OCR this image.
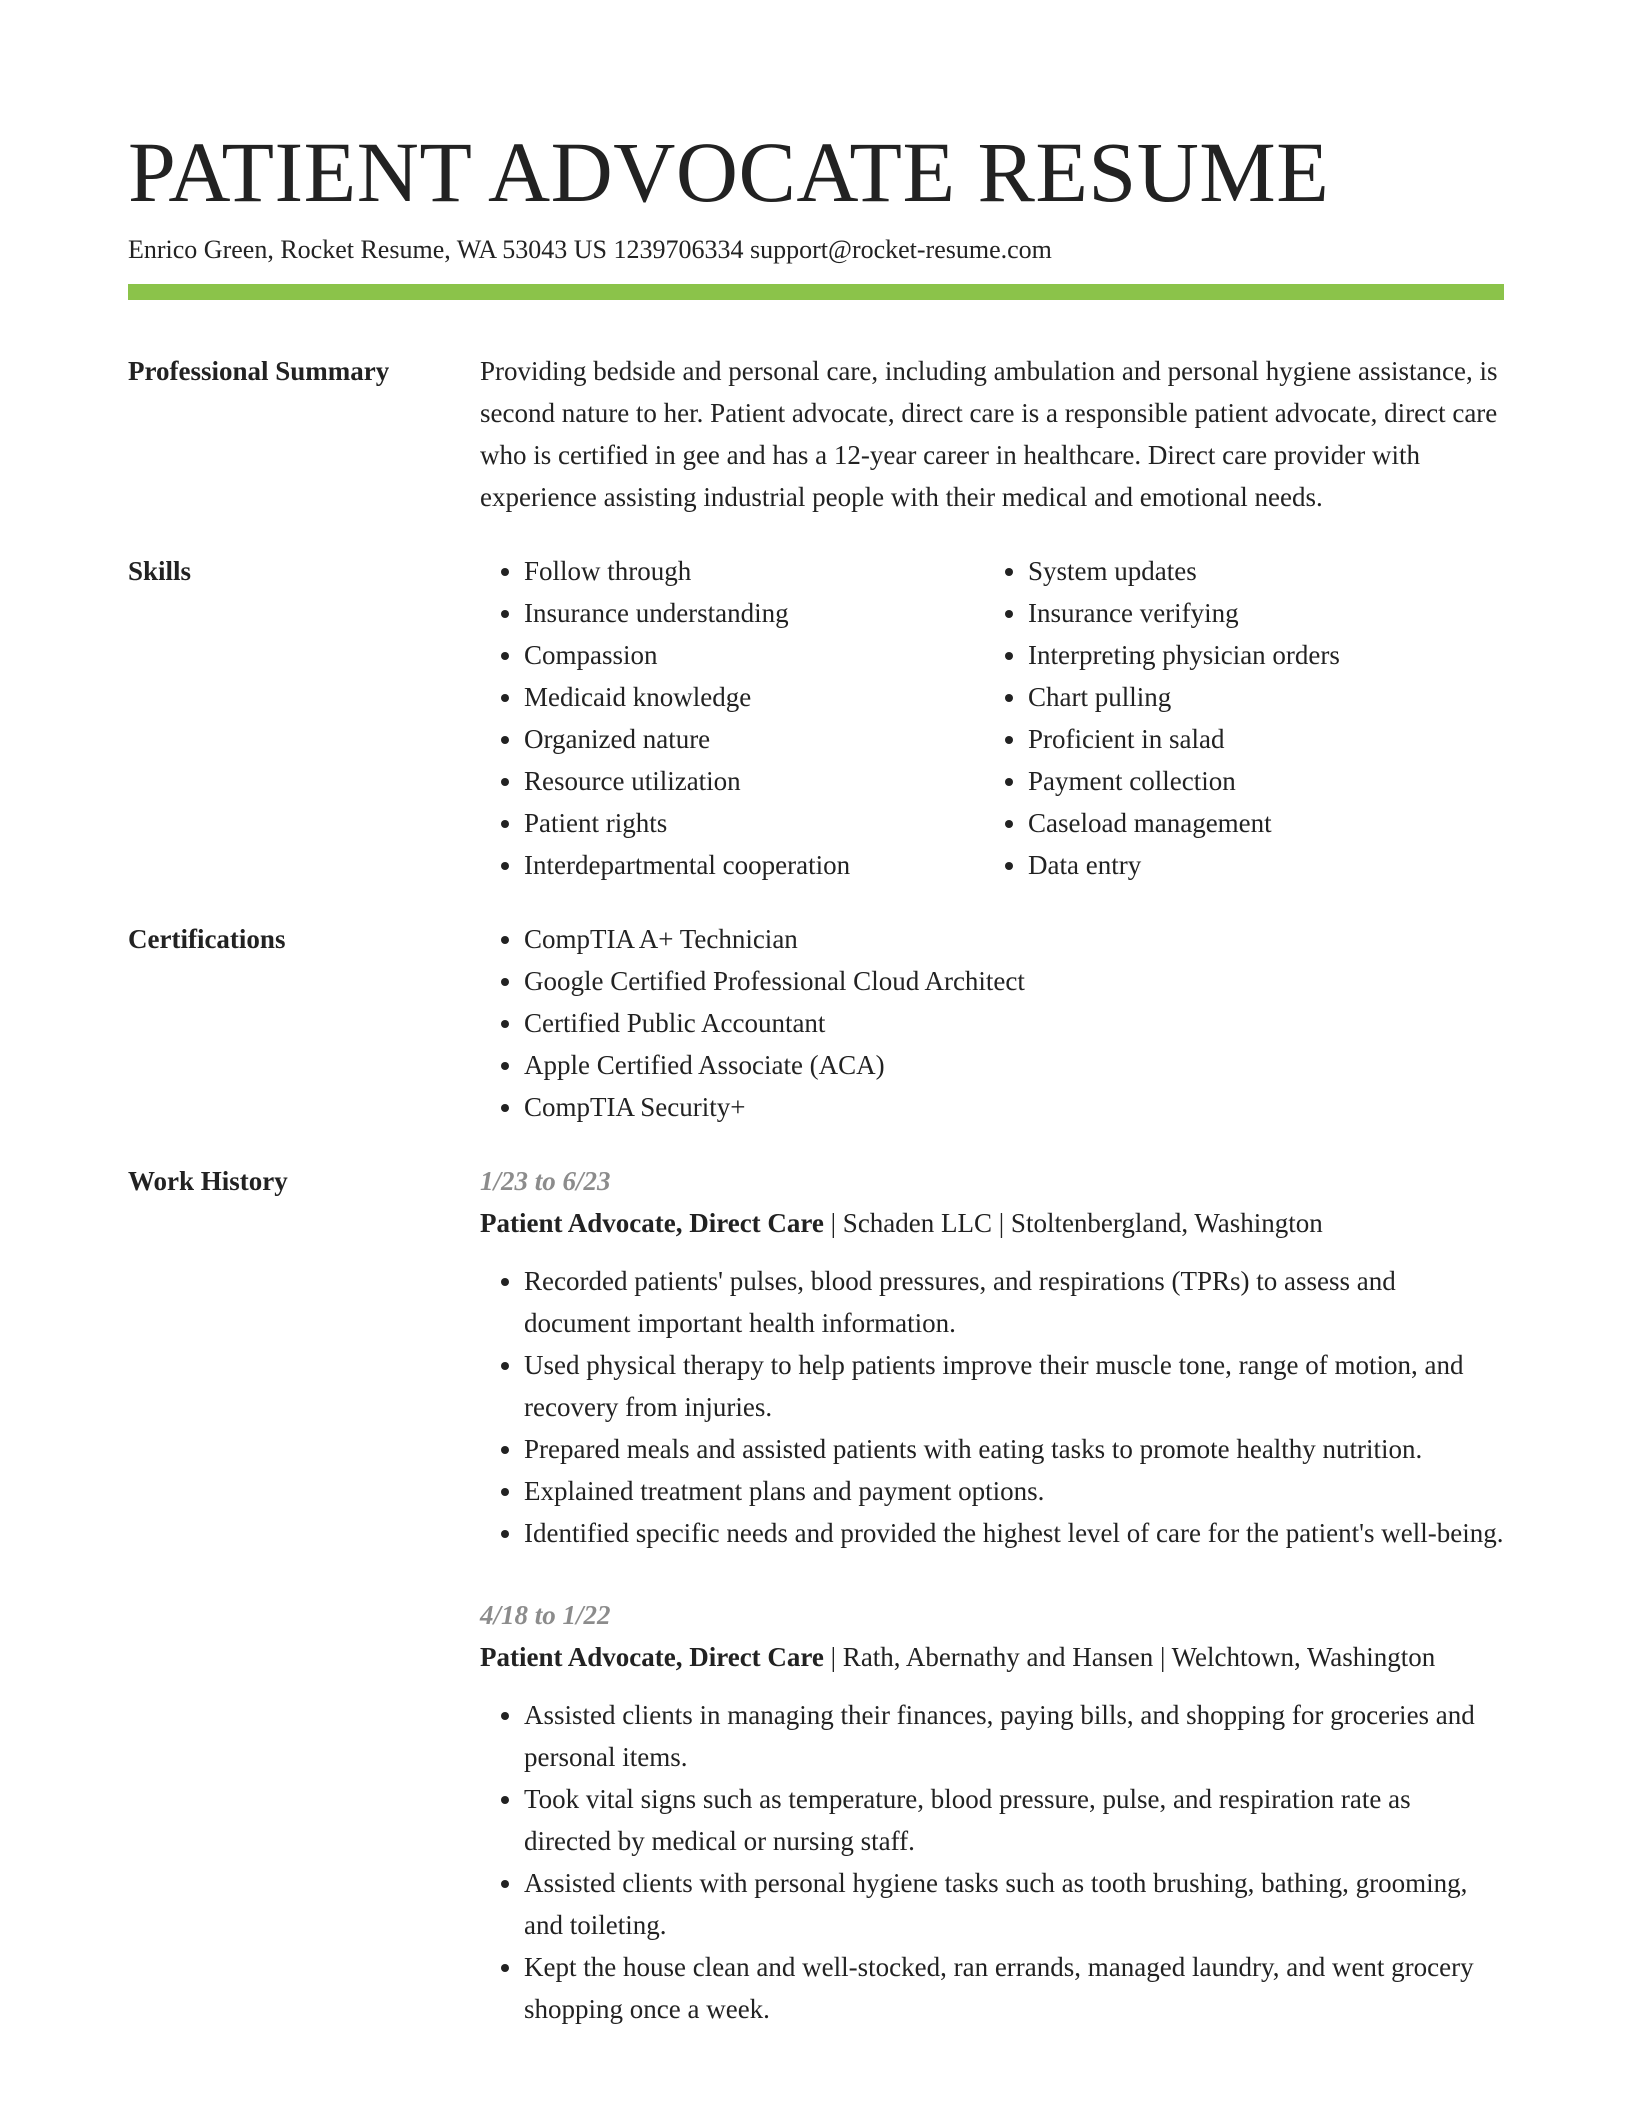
PATIENT ADVOCATE RESUME
Enrico Green, Rocket Resume, WA 53043 US 1239706334 support@rocket-resume.com
Professional Summary	Providing bedside and personal care, including ambulation and personal hygiene assistance, is second nature to her. Patient advocate, direct care is a responsible patient advocate, direct care who is certified in gee and has a 12-year career in healthcare. Direct care provider with experience assisting industrial people with their medical and emotional needs.

Skills	• Follow through
• Insurance understanding
• Compassion
• Medicaid knowledge
• Organized nature
• Resource utilization
• Patient rights
• Interdepartmental cooperation
• System updates
• Insurance verifying
• Interpreting physician orders
• Chart pulling
• Proficient in salad
• Payment collection
• Caseload management
• Data entry
Certifications	• CompTIA A+ Technician
• Google Certified Professional Cloud Architect
• Certified Public Accountant
• Apple Certified Associate (ACA)
• CompTIA Security+
Work History	1/23 to 6/23
Patient Advocate, Direct Care | Schaden LLC | Stoltenbergland, Washington
• Recorded patients' pulses, blood pressures, and respirations (TPRs) to assess and document important health information.
• Used physical therapy to help patients improve their muscle tone, range of motion, and recovery from injuries.
• Prepared meals and assisted patients with eating tasks to promote healthy nutrition.
• Explained treatment plans and payment options.
• Identified specific needs and provided the highest level of care for the patient's well-being.
4/18 to 1/22
Patient Advocate, Direct Care | Rath, Abernathy and Hansen | Welchtown, Washington
• Assisted clients in managing their finances, paying bills, and shopping for groceries and personal items.
• Took vital signs such as temperature, blood pressure, pulse, and respiration rate as directed by medical or nursing staff.
• Assisted clients with personal hygiene tasks such as tooth brushing, bathing, grooming, and toileting.
• Kept the house clean and well-stocked, ran errands, managed laundry, and went grocery shopping once a week.
